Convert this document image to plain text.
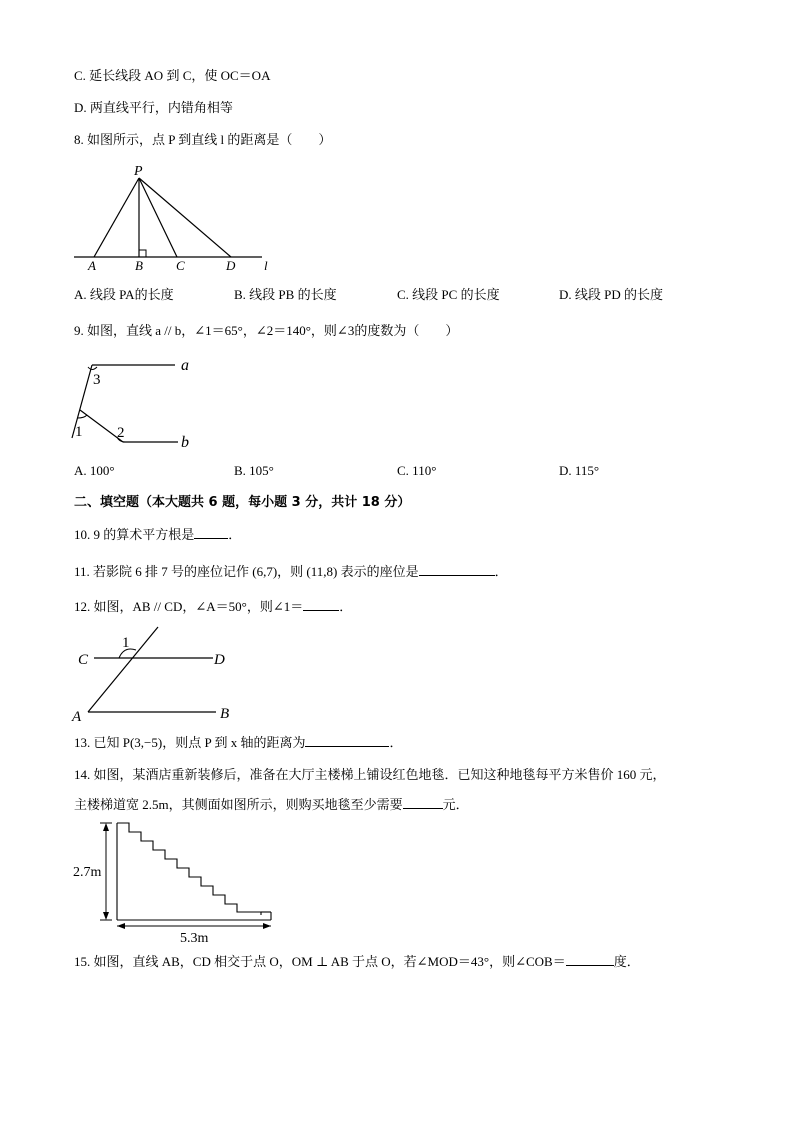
C. 延长线段 AO 到 C，使 OC＝OA
D. 两直线平行，内错角相等
8. 如图所示，点 P 到直线 l 的距离是（　　）
P
A	B	C	D l
A. 线段 PA的长度	B. 线段 PB 的长度	C. 线段 PC 的长度	D. 线段 PD 的长度
9. 如图，直线 a // b，∠1＝65°，∠2＝140°，则∠3的度数为（　　）
a
b
3
1 2
A. 100°	B. 105°	C. 110°	D. 115°
二、填空题（本大题共 6 题，每小题 3 分，共计 18 分）
10. 9 的算术平方根是	．
11. 若影院 6 排 7 号的座位记作 (6,7)，则 (11,8) 表示的座位是	．
12. 如图，AB // CD，∠A＝50°，则∠1＝	．
1
C	D
A	B
13. 已知 P(3,−5)，则点 P 到 x 轴的距离为	．
14. 如图，某酒店重新装修后，准备在大厅主楼梯上铺设红色地毯．已知这种地毯每平方米售价 160 元，
主楼梯道宽 2.5m，其侧面如图所示，则购买地毯至少需要	元．
2.7m
5.3m
15. 如图，直线 AB，CD 相交于点 O，OM ⊥ AB 于点 O，若∠MOD＝43°，则∠COB＝	度．
